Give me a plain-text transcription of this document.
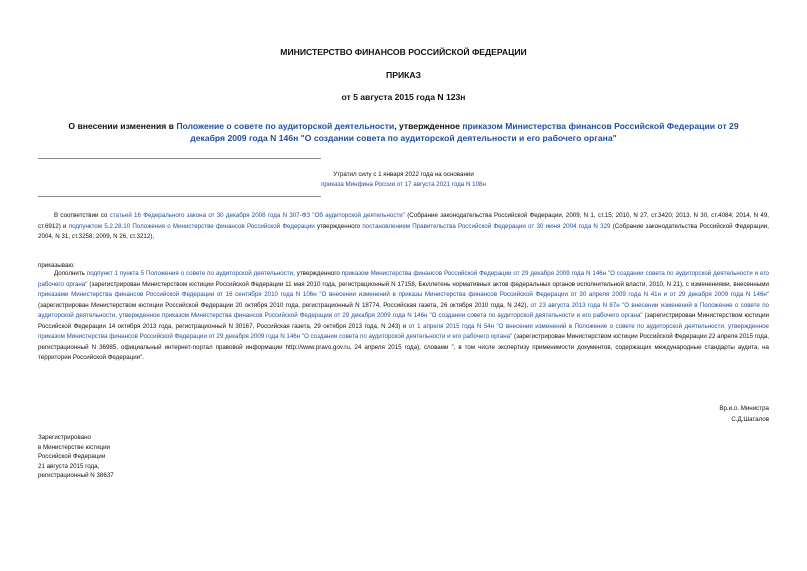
МИНИСТЕРСТВО ФИНАНСОВ РОССИЙСКОЙ ФЕДЕРАЦИИ
ПРИКАЗ
от 5 августа 2015 года N 123н
О внесении изменения в Положение о совете по аудиторской деятельности, утвержденное приказом Министерства финансов Российской Федерации от 29 декабря 2009 года N 146н "О создании совета по аудиторской деятельности и его рабочего органа"
Утратил силу с 1 января 2022 года на основании
приказа Минфина России от 17 августа 2021 года N 108н
В соответствии со статьей 16 Федерального закона от 30 декабря 2008 года N 307-ФЗ "Об аудиторской деятельности" (Собрание законодательства Российской Федерации, 2009, N 1, ст.15; 2010, N 27, ст.3420; 2013, N 30, ст.4084; 2014, N 49, ст.6912) и подпунктом 5.2.28.10 Положения о Министерстве финансов Российской Федерации утвержденного постановлением Правительства Российской Федерации от 30 июня 2004 года N 329 (Собрание законодательства Российской Федерации, 2004, N 31, ст.3258; 2009, N 26, ст.3212),
приказываю:
Дополнить подпункт 1 пункта 5 Положения о совете по аудиторской деятельности, утвержденного приказом Министерства финансов Российской Федерации от 29 декабря 2009 года N 146н "О создании совета по аудиторской деятельности и его рабочего органа" (зарегистрирован Министерством юстиции Российской Федерации 11 мая 2010 года, регистрационный N 17158, Бюллетень нормативных актов федеральных органов исполнительной власти, 2010, N 21), с изменениями, внесенными приказами Министерства финансов Российской Федерации от 16 сентября 2010 года N 106н "О внесении изменений в приказы Министерства финансов Российской Федерации от 30 апреля 2009 года N 41н и от 29 декабря 2009 года N 146н" (зарегистрирован Министерством юстиции Российской Федерации 20 октября 2010 года, регистрационный N 18774, Российская газета, 26 октября 2010 года, N 242), от 23 августа 2013 года N 87н "О внесении изменений в Положение о совете по аудиторской деятельности, утвержденное приказом Министерства финансов Российской Федерации от 29 декабря 2009 года N 146н "О создании совета по аудиторской деятельности и его рабочего органа" (зарегистрирован Министерством юстиции Российской Федерации 14 октября 2013 года, регистрационный N 30167, Российская газета, 29 октября 2013 года, N 243) и от 1 апреля 2015 года N 54н "О внесении изменений в Положение о совете по аудиторской деятельности, утвержденное приказом Министерства финансов Российской Федерации от 29 декабря 2009 года N 146н "О создании совета по аудиторской деятельности и его рабочего органа" (зарегистрирован Министерством юстиции Российской Федерации 22 апреля 2015 года, регистрационный N 36985, официальный интернет-портал правовой информации http://www.pravo.gov.ru, 24 апреля 2015 года), словами ", в том числе экспертизу применимости документов, содержащих международные стандарты аудита, на территории Российской Федерации".
Вр.и.о. Министра
С.Д.Шаталов
Зарегистрировано
в Министерстве юстиции
Российской Федерации
21 августа 2015 года,
регистрационный N 38637
